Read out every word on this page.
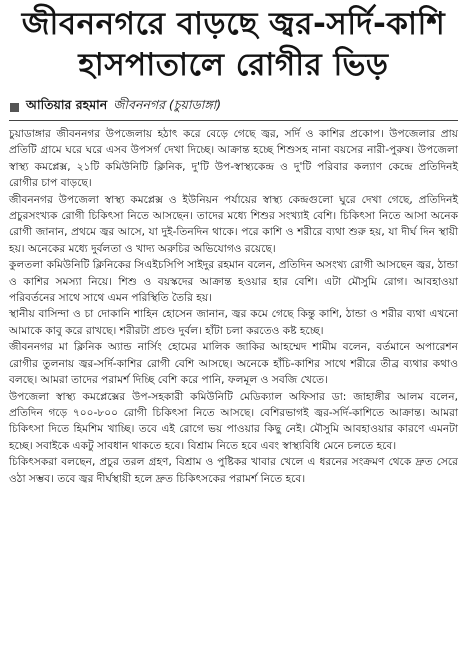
জীবননগরে বাড়ছে জ্বর-সর্দি-কাশি
হাসপাতালে রোগীর ভিড়
আতিয়ার রহমান জীবননগর (চুয়াডাঙ্গা)

চুয়াডাঙ্গার জীবননগর উপজেলায় হঠাৎ করে বেড়ে গেছে জ্বর, সর্দি ও কাশির প্রকোপ। উপজেলার প্রায় প্রতিটি গ্রামে ঘরে ঘরে এসব উপসর্গ দেখা দিচ্ছে। আক্রান্ত হচ্ছে শিশুসহ নানা বয়সের নারী-পুরুষ। উপজেলা স্বাস্থ্য কমপ্লেক্স, ২১টি কমিউনিটি ক্লিনিক, দু'টি উপ-স্বাস্থ্যকেন্দ্র ও দু'টি পরিবার কল্যাণ কেন্দ্রে প্রতিদিনই রোগীর চাপ বাড়ছে।

জীবননগর উপজেলা স্বাস্থ্য কমপ্লেক্স ও ইউনিয়ন পর্যায়ের স্বাস্থ্য কেন্দ্রগুলো ঘুরে দেখা গেছে, প্রতিদিনই প্রচুরসংখ্যক রোগী চিকিৎসা নিতে আসছেন। তাদের মধ্যে শিশুর সংখ্যাই বেশি। চিকিৎসা নিতে আসা অনেক রোগী জানান, প্রথমে জ্বর আসে, যা দুই-তিনদিন থাকে। পরে কাশি ও শরীরে ব্যথা শুরু হয়, যা দীর্ঘ দিন স্থায়ী হয়। অনেকের মধ্যে দুর্বলতা ও খাদ্য অরুচির অভিযোগও রয়েছে।

কুলতলা কমিউনিটি ক্লিনিকের সিএইচসিপি সাইদুর রহমান বলেন, প্রতিদিন অসংখ্য রোগী আসছেন জ্বর, ঠান্ডা ও কাশির সমস্যা নিয়ে। শিশু ও বয়স্কদের আক্রান্ত হওয়ার হার বেশি। এটা মৌসুমি রোগ। আবহাওয়া পরিবর্তনের সাথে সাথে এমন পরিস্থিতি তৈরি হয়।

স্থানীয় বাসিন্দা ও চা দোকানি শাহিন হোসেন জানান, জ্বর কমে গেছে কিন্তু কাশি, ঠান্ডা ও শরীর ব্যথা এখনো আমাকে কাবু করে রাখছে। শরীরটা প্রচণ্ড দুর্বল। হাঁটা চলা করতেও কষ্ট হচ্ছে।

জীবননগর মা ক্লিনিক অ্যান্ড নার্সিং হোমের মালিক জাকির আহম্মেদ শামীম বলেন, বর্তমানে অপারেশন রোগীর তুলনায় জ্বর-সর্দি-কাশির রোগী বেশি আসছে। অনেকে হাঁচি-কাশির সাথে শরীরে তীব্র ব্যথার কথাও বলছে। আমরা তাদের পরামর্শ দিচ্ছি বেশি করে পানি, ফলমূল ও সবজি খেতে।

উপজেলা স্বাস্থ্য কমপ্লেক্সের উপ-সহকারী কমিউনিটি মেডিক্যাল অফিসার ডা: জাহাঙ্গীর আলম বলেন, প্রতিদিন গড়ে ৭০০-৮০০ রোগী চিকিৎসা নিতে আসছে। বেশিরভাগই জ্বর-সর্দি-কাশিতে আক্রান্ত। আমরা চিকিৎসা দিতে হিমশিম খাচ্ছি। তবে এই রোগে ভয় পাওয়ার কিছু নেই। মৌসুমি আবহাওয়ার কারণে এমনটা হচ্ছে। সবাইকে একটু সাবধান থাকতে হবে। বিশ্রাম নিতে হবে এবং স্বাস্থ্যবিধি মেনে চলতে হবে।

চিকিৎসকরা বলছেন, প্রচুর তরল গ্রহণ, বিশ্রাম ও পুষ্টিকর খাবার খেলে এ ধরনের সংক্রমণ থেকে দ্রুত সেরে ওঠা সম্ভব। তবে জ্বর দীর্ঘস্থায়ী হলে দ্রুত চিকিৎসকের পরামর্শ নিতে হবে।
